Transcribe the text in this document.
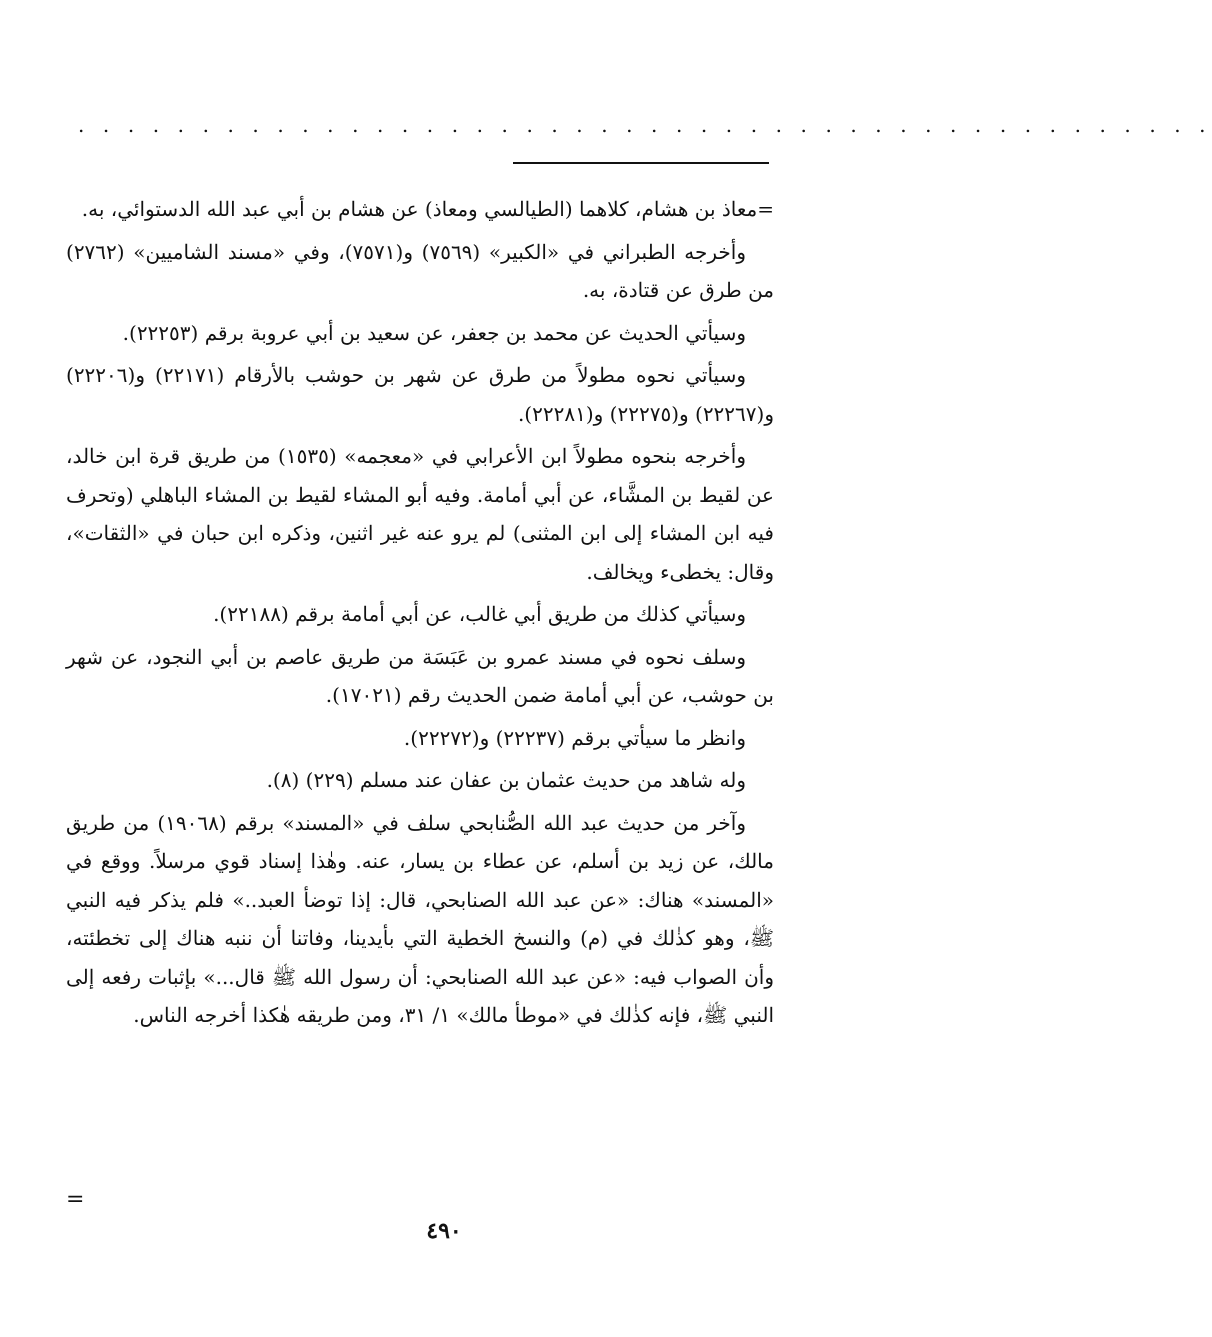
. . . . . . . . . . . . . . . . . . . . . . . . . . . . . . . . . . . . . . . . . . . . . .

=معاذ بن هشام، كلاهما (الطيالسي ومعاذ) عن هشام بن أبي عبد الله الدستوائي، به.

وأخرجه الطبراني في «الكبير» (٧٥٦٩) و(٧٥٧١)، وفي «مسند الشاميين» (٢٧٦٢) من طرق عن قتادة، به.

وسيأتي الحديث عن محمد بن جعفر، عن سعيد بن أبي عروبة برقم (٢٢٢٥٣).

وسيأتي نحوه مطولاً من طرق عن شهر بن حوشب بالأرقام (٢٢١٧١) و(٢٢٢٠٦) و(٢٢٢٦٧) و(٢٢٢٧٥) و(٢٢٢٨١).

وأخرجه بنحوه مطولاً ابن الأعرابي في «معجمه» (١٥٣٥) من طريق قرة ابن خالد، عن لقيط بن المشَّاء، عن أبي أمامة. وفيه أبو المشاء لقيط بن المشاء الباهلي (وتحرف فيه ابن المشاء إلى ابن المثنى) لم يرو عنه غير اثنين، وذكره ابن حبان في «الثقات»، وقال: يخطىء ويخالف.

وسيأتي كذلك من طريق أبي غالب، عن أبي أمامة برقم (٢٢١٨٨).

وسلف نحوه في مسند عمرو بن عَبَسَة من طريق عاصم بن أبي النجود، عن شهر بن حوشب، عن أبي أمامة ضمن الحديث رقم (١٧٠٢١).

وانظر ما سيأتي برقم (٢٢٢٣٧) و(٢٢٢٧٢).

وله شاهد من حديث عثمان بن عفان عند مسلم (٢٢٩) (٨).

وآخر من حديث عبد الله الصُّنابحي سلف في «المسند» برقم (١٩٠٦٨) من طريق مالك، عن زيد بن أسلم، عن عطاء بن يسار، عنه. وهٰذا إسناد قوي مرسلاً. ووقع في «المسند» هناك: «عن عبد الله الصنابحي، قال: إذا توضأ العبد..» فلم يذكر فيه النبي ﷺ، وهو كذٰلك في (م) والنسخ الخطية التي بأيدينا، وفاتنا أن ننبه هناك إلى تخطئته، وأن الصواب فيه: «عن عبد الله الصنابحي: أن رسول الله ﷺ قال...» بإثبات رفعه إلى النبي ﷺ، فإنه كذٰلك في «موطأ مالك» ١/ ٣١، ومن طريقه هٰكذا أخرجه الناس.

=
٤٩٠
